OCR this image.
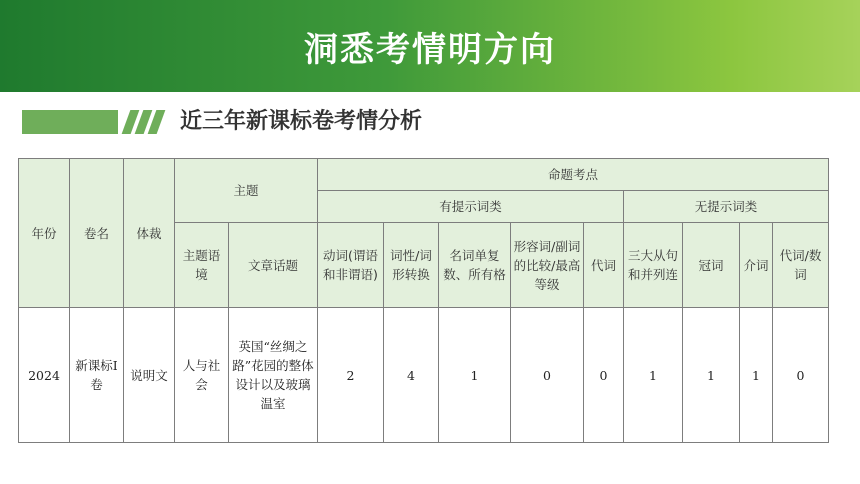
洞悉考情明方向
近三年新课标卷考情分析
年份	卷名	体裁	主题		命题考点								
					有提示词类					无提示词类			
			主题语境	文章话题	动词(谓语和非谓语)	词性/词形转换	名词单复数、所有格	形容词/副词的比较/最高等级	代词	三大从句和并列连	冠词	介词	代词/数词
2024	新课标Ⅰ卷	说明文	人与社会	英国“丝绸之路”花园的整体设计以及玻璃温室	2	4	1	0	0	1	1	1	0
